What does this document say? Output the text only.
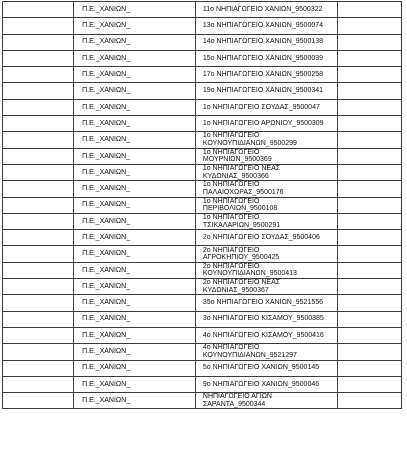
	Π.Ε._ΧΑΝΙΩΝ_	11ο ΝΗΠΙΑΓΩΓΕΙΟ ΧΑΝΙΩΝ_9500322	

	Π.Ε._ΧΑΝΙΩΝ_	13ο ΝΗΠΙΑΓΩΓΕΙΟ ΧΑΝΙΩΝ_9500074	

	Π.Ε._ΧΑΝΙΩΝ_	14ο ΝΗΠΙΑΓΩΓΕΙΟ ΧΑΝΙΩΝ_9500138	

	Π.Ε._ΧΑΝΙΩΝ_	15ο ΝΗΠΙΑΓΩΓΕΙΟ ΧΑΝΙΩΝ_9500039	

	Π.Ε._ΧΑΝΙΩΝ_	17ο ΝΗΠΙΑΓΩΓΕΙΟ ΧΑΝΙΩΝ_9500258	

	Π.Ε._ΧΑΝΙΩΝ_	19ο ΝΗΠΙΑΓΩΓΕΙΟ ΧΑΝΙΩΝ_9500341	

	Π.Ε._ΧΑΝΙΩΝ_	1ο ΝΗΠΙΑΓΩΓΕΙΟ ΣΟΥΔΑΣ_9500047	

	Π.Ε._ΧΑΝΙΩΝ_	1ο ΝΗΠΙΑΓΩΓΕΙΟ ΑΡΩΝΙΟΥ_9500309	

	Π.Ε._ΧΑΝΙΩΝ_	1ο ΝΗΠΙΑΓΩΓΕΙΟ
ΚΟΥΝΟΥΠΙΔΙΑΝΩΝ_9500299	

	Π.Ε._ΧΑΝΙΩΝ_	1ο ΝΗΠΙΑΓΩΓΕΙΟ
ΜΟΥΡΝΙΩΝ_9500369	

	Π.Ε._ΧΑΝΙΩΝ_	1ο ΝΗΠΙΑΓΩΓΕΙΟ ΝΕΑΣ
ΚΥΔΩΝΙΑΣ_9500366	

	Π.Ε._ΧΑΝΙΩΝ_	1ο ΝΗΠΙΑΓΩΓΕΙΟ
ΠΑΛΑΙΟΧΩΡΑΣ_9500176	

	Π.Ε._ΧΑΝΙΩΝ_	1ο ΝΗΠΙΑΓΩΓΕΙΟ
ΠΕΡΙΒΟΛΙΩΝ_9500108	

	Π.Ε._ΧΑΝΙΩΝ_	1ο ΝΗΠΙΑΓΩΓΕΙΟ
ΤΣΙΚΑΛΑΡΙΩΝ_9500291	

	Π.Ε._ΧΑΝΙΩΝ_	2ο ΝΗΠΙΑΓΩΓΕΙΟ ΣΟΥΔΑΣ_9500406	

	Π.Ε._ΧΑΝΙΩΝ_	2ο ΝΗΠΙΑΓΩΓΕΙΟ
ΑΓΡΟΚΗΠΙΟΥ_9500425	

	Π.Ε._ΧΑΝΙΩΝ_	2ο ΝΗΠΙΑΓΩΓΕΙΟ
ΚΟΥΝΟΥΠΙΔΙΑΝΩΝ_9500413	

	Π.Ε._ΧΑΝΙΩΝ_	2ο ΝΗΠΙΑΓΩΓΕΙΟ ΝΕΑΣ
ΚΥΔΩΝΙΑΣ_9500367	

	Π.Ε._ΧΑΝΙΩΝ_	35ο ΝΗΠΙΑΓΩΓΕΙΟ ΧΑΝΙΩΝ_9521556	

	Π.Ε._ΧΑΝΙΩΝ_	3ο ΝΗΠΙΑΓΩΓΕΙΟ ΚΙΣΑΜΟΥ_9500385	

	Π.Ε._ΧΑΝΙΩΝ_	4ο ΝΗΠΙΑΓΩΓΕΙΟ ΚΙΣΑΜΟΥ_9500416	

	Π.Ε._ΧΑΝΙΩΝ_	4ο ΝΗΠΙΑΓΩΓΕΙΟ
ΚΟΥΝΟΥΠΙΔΙΑΝΩΝ_9521297	

	Π.Ε._ΧΑΝΙΩΝ_	5ο ΝΗΠΙΑΓΩΓΕΙΟ ΧΑΝΙΩΝ_9500145	

	Π.Ε._ΧΑΝΙΩΝ_	9ο ΝΗΠΙΑΓΩΓΕΙΟ ΧΑΝΙΩΝ_9500046	

	Π.Ε._ΧΑΝΙΩΝ_	ΝΗΠΙΑΓΩΓΕΙΟ ΑΓΙΩΝ
ΣΑΡΑΝΤΑ_9500344	
